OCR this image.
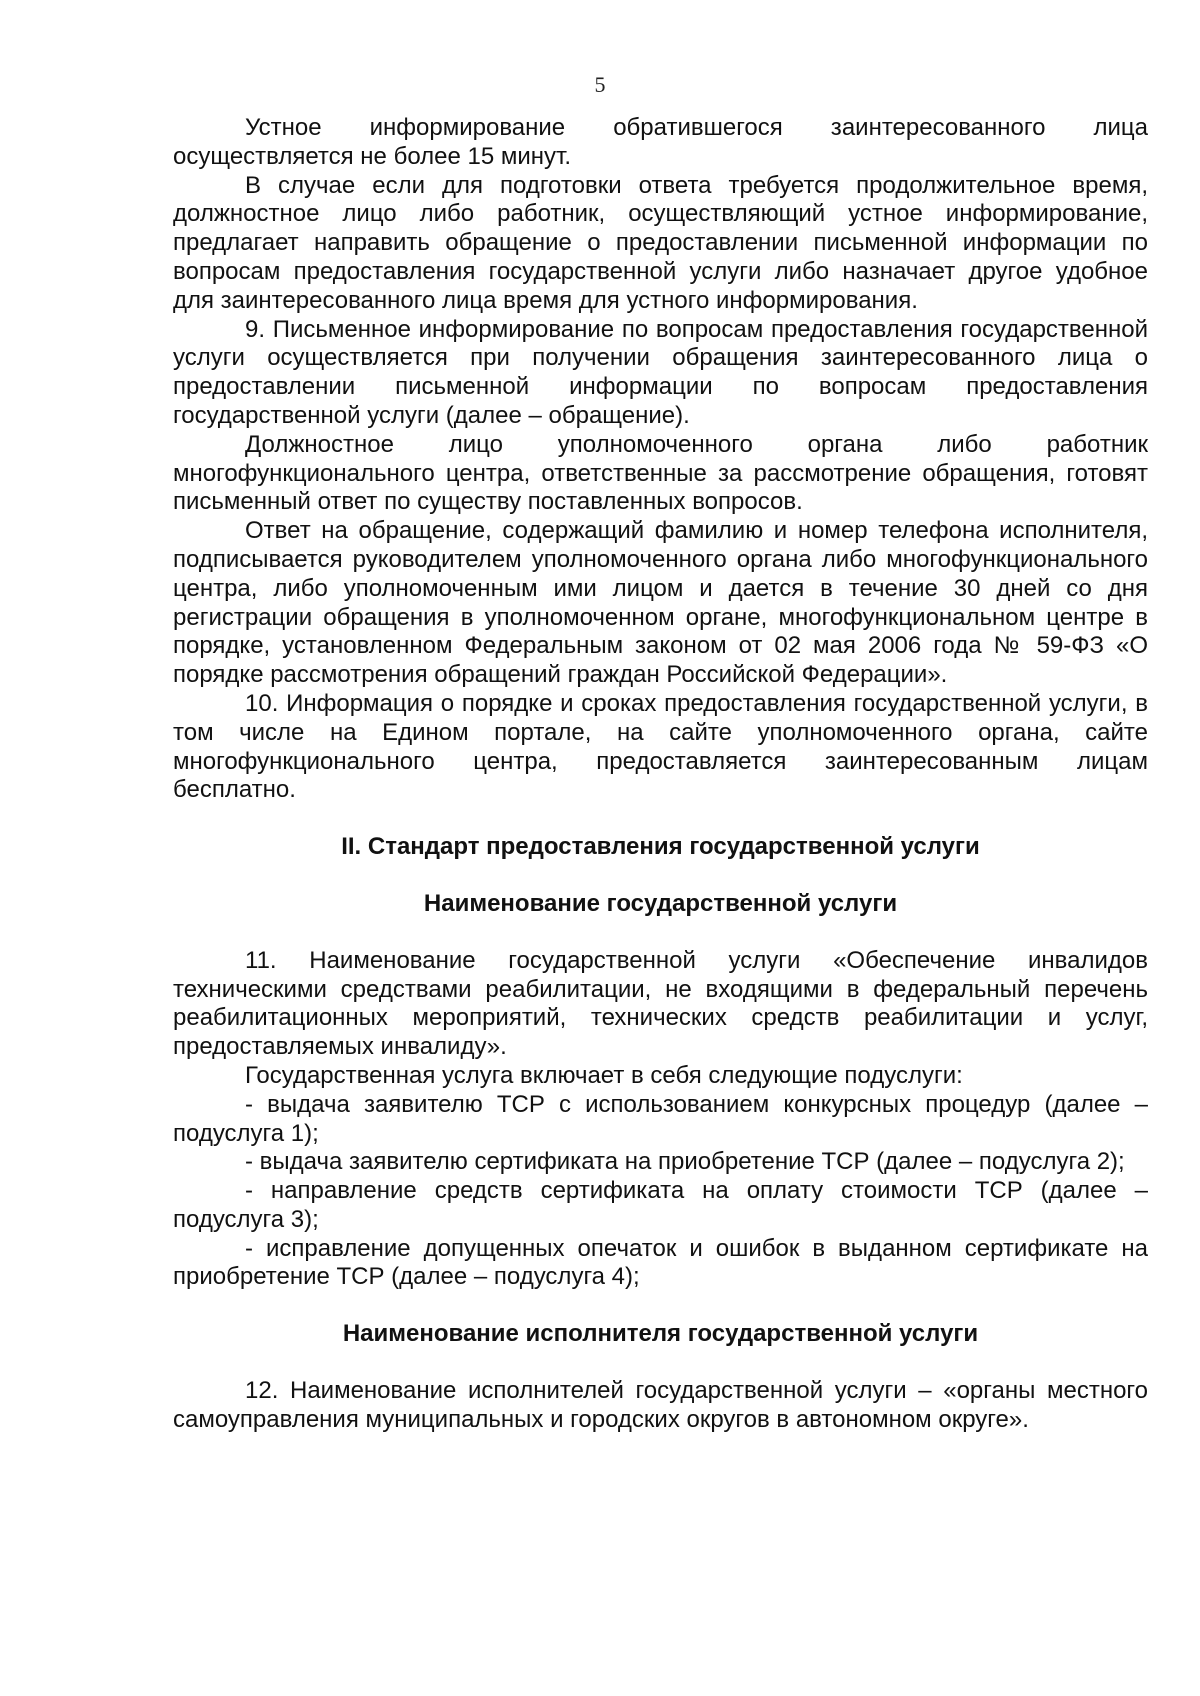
5

Устное информирование обратившегося заинтересованного лица осуществляется не более 15 минут.

В случае если для подготовки ответа требуется продолжительное время, должностное лицо либо работник, осуществляющий устное информирование, предлагает направить обращение о предоставлении письменной информации по вопросам предоставления государственной услуги либо назначает другое удобное для заинтересованного лица время для устного информирования.

9. Письменное информирование по вопросам предоставления государственной услуги осуществляется при получении обращения заинтересованного лица о предоставлении письменной информации по вопросам предоставления государственной услуги (далее – обращение).

Должностное лицо уполномоченного органа либо работник многофункционального центра, ответственные за рассмотрение обращения, готовят письменный ответ по существу поставленных вопросов.

Ответ на обращение, содержащий фамилию и номер телефона исполнителя, подписывается руководителем уполномоченного органа либо многофункционального центра, либо уполномоченным ими лицом и дается в течение 30 дней со дня регистрации обращения в уполномоченном органе, многофункциональном центре в порядке, установленном Федеральным законом от 02 мая 2006 года № 59-ФЗ «О порядке рассмотрения обращений граждан Российской Федерации».

10. Информация о порядке и сроках предоставления государственной услуги, в том числе на Едином портале, на сайте уполномоченного органа, сайте многофункционального центра, предоставляется заинтересованным лицам бесплатно.

II. Стандарт предоставления государственной услуги
Наименование государственной услуги

11. Наименование государственной услуги «Обеспечение инвалидов техническими средствами реабилитации, не входящими в федеральный перечень реабилитационных мероприятий, технических средств реабилитации и услуг, предоставляемых инвалиду».

Государственная услуга включает в себя следующие подуслуги:

- выдача заявителю ТСР с использованием конкурсных процедур (далее – подуслуга 1);

- выдача заявителю сертификата на приобретение ТСР (далее – подуслуга 2);

- направление средств сертификата на оплату стоимости ТСР (далее – подуслуга 3);

- исправление допущенных опечаток и ошибок в выданном сертификате на приобретение ТСР (далее – подуслуга 4);

Наименование исполнителя государственной услуги

12. Наименование исполнителей государственной услуги – «органы местного самоуправления муниципальных и городских округов в автономном округе».
